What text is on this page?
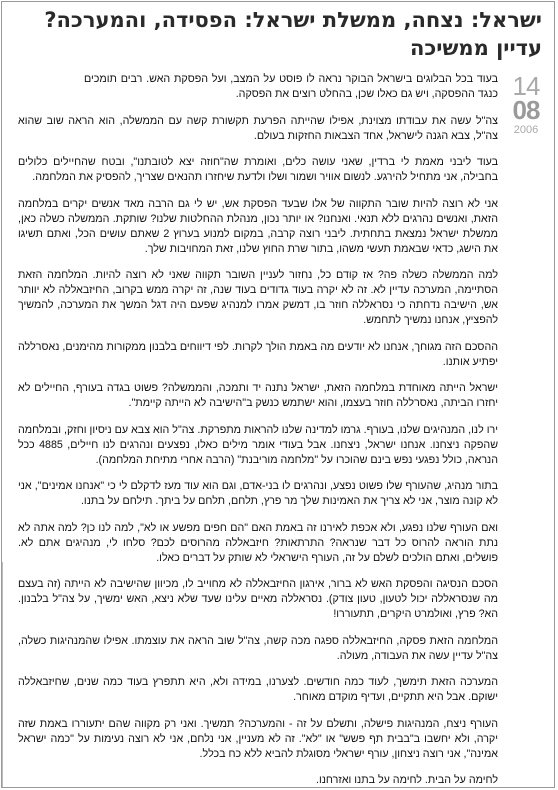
ישראל: נצחה, ממשלת ישראל: הפסידה, והמערכה?
עדיין ממשיכה
14
08
2006

בעוד בכל הבלוגים בישראל הבוקר נראה לו פוסט על המצב, ועל הפסקת האש. רבים תומכים כנגד ההפסקה, ויש גם כאלו שכן, בהחלט רוצים את הפסקה.

צה"ל עשה את עבודתו מצוינת, אפילו שהייתה הפרעת תקשורת קשה עם הממשלה, הוא הראה שוב שהוא צה"ל, צבא הגנה לישראל, אחד הצבאות החזקות בעולם.

בעוד ליבני מאמת לי ברדין, שאני עושה כלים, ואומרת שה"חוזה יצא לטובתנו", ובטח שהחיילים כלולים בחבילה, אני מתחיל להירגע. לנשום אוויר ושמור ושלו ולדעת שיחזרו תהנאים שצריך, להפסיק את המלחמה.

אני לא רוצה להיות שובר התקווה של אלו שבעד הפסקת אש, יש לי גם הרבה מאד אנשים יקרים במלחמה הזאת, ואנשים נהרגים ללא תנאי. ואנחנו? או יותר נכון, מנהלת ההחלטות שלנו? שותקת. הממשלה כשלה כאן, ממשלת ישראל נמצאת בתחתית. ליבני רוצה קרבה, במקום למנוע בערוץ 2 שאתם עושים הכל, ואתם תשיגו את הישג, כדאי שבאמת תעשי משהו, בתור שרת החוץ שלנו, זאת המחויבות שלך.

למה הממשלה כשלה פה? אז קודם כל, נחזור לעניין השובר תקווה שאני לא רוצה להיות. המלחמה הזאת הסתיימה, המערכה עדיין לא. זה לא יקרה בעוד גדודים בעוד שנה, זה יקרה ממש בקרוב, החיזבאללה לא יוותר אש, הישיבה נדחתה כי נסראללה חוזר בו, דמשק אמרו למנהיג שפעם היה דגל המשך את המערכה, להמשיך להפציץ, אנחנו נמשיך לתחמש.

ההסכם הזה מגוחך, אנחנו לא יודעים מה באמת הולך לקרות. לפי דיווחים בלבנון ממקורות מהימנים, נאסרללה יפתיע אותנו.

ישראל הייתה מאוחדת במלחמה הזאת, ישראל נתנה יד ותמכה, והממשלה? פשוט בגדה בעורף, החיילים לא יחזרו הביתה, נאסרללה חוזר בעצמו, והוא ישתמש כנשק ב"הישיבה לא הייתה קיימת".

ירו לנו, המנהיגים שלנו, בעורף. גרמו למדינה שלנו להראות מתפרקת. צה"ל הוא צבא עם ניסיון וחזק, ובמלחמה שהפקה ניצחנו. אנחנו ישראל, ניצחנו. אבל בעודי אומר מילים כאלו, נפצעים ונהרגים לנו חיילים, 4885 ככל הנראה, כולל נפגעי נפש בינם שהוכרו על "מלחמה מוריבנת" (הרבה אחרי מתיחת המלחמה).

בתור מנהיג, שהעורף שלו פשוט נפצע, ונהרגים לו בני-אדם, וגם הוא עוד מעז לדקלם לי כי "אנחנו אמינים", אני לא קונה מוצר, אני לא צריך את האמינות שלך מר פרץ, תלחם, תלחם על ביתך. תילחם על בתנו.

ואם העורף שלנו נפגע, ולא אכפת לאירנו זה באמת האם "הם חפים מפשע או לא", למה לנו כן? למה אתה לא נתת הוראה להרוס כל דבר שנראה? התרתאות? חיזבאללה מהרוסים לכם? סלחו לי, מנהיגים אתם לא. פושלים, ואתם הולכים לשלם על זה, העורף הישראלי לא שותק על דברים כאלו.

הסכם הנסיגה והפסקת האש לא ברור, אירגון החיזבאללה לא מחוייב לו, מכיוון שהישיבה לא הייתה (זה בעצם מה שנסראללה יכול לטעון, טעון צודק). נסראללה מאיים עלינו שעד שלא ניצא, האש ימשיך, על צה"ל בלבנון. הא? פרץ, ואולמרט היקרים, תתעוררו!

המלחמה הזאת פסקה, החיזבאללה ספגה מכה קשה, צה"ל שוב הראה את עוצמתו. אפילו שהמנהיגות כשלה, צה"ל עדיין עשה את העבודה, מעולה.

המערכה הזאת תימשך, לעוד כמה חודשים. לצערנו, במידה ולא, היא תתפרץ בעוד כמה שנים, שחיזבאללה ישוקם. אבל היא תתקיים, ועדיף מוקדם מאוחר.

העורף ניצח, המנהיגות פישלה, ותשלם על זה - והמערכה? תמשיך. ואני רק מקווה שהם יתעוררו באמת שזה יקרה, ולא יחשבו ב"בבית תף פשש" או "לא". זה לא מעניין, אני נלחם, אני לא רוצה נעימות על "כמה ישראל אמינה", אני רוצה ניצחון, עורף ישראלי מסוגלת להביא ללא כח בכלל.

לחימה על הבית. לחימה על בתנו ואזרחנו.
